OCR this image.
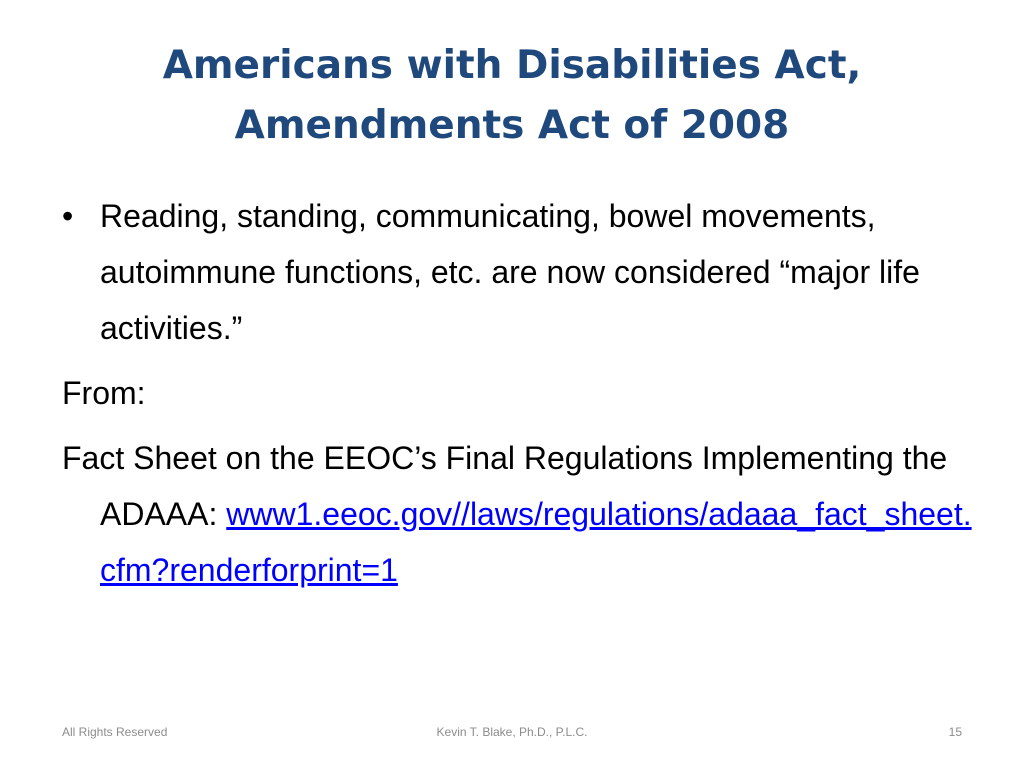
Americans with Disabilities Act,
Amendments Act of 2008

• Reading, standing, communicating, bowel movements, autoimmune functions, etc. are now considered “major life activities.”

From:

Fact Sheet on the EEOC’s Final Regulations Implementing the ADAAA: www1.eeoc.gov//laws/regulations/adaaa_fact_sheet.cfm?renderforprint=1

All Rights Reserved	Kevin T. Blake, Ph.D., P.L.C.	15
